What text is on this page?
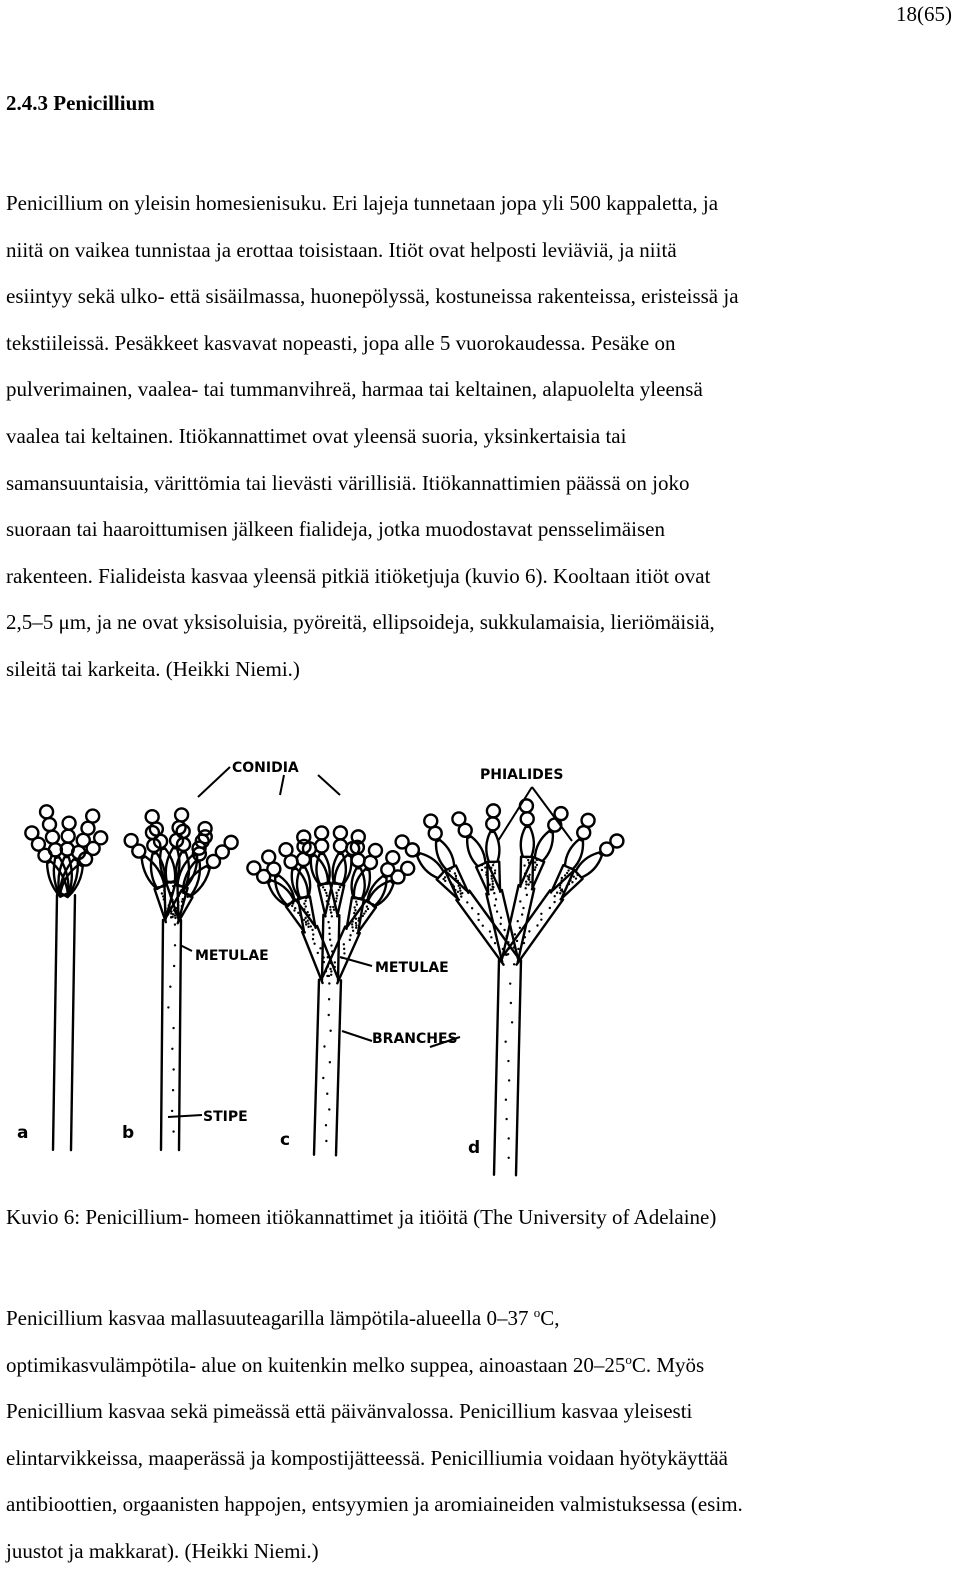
18(65)
2.4.3 Penicillium

Penicillium on yleisin homesienisuku. Eri lajeja tunnetaan jopa yli 500 kappaletta, ja
niitä on vaikea tunnistaa ja erottaa toisistaan. Itiöt ovat helposti leviäviä, ja niitä
esiintyy sekä ulko- että sisäilmassa, huonepölyssä, kostuneissa rakenteissa, eristeissä ja
tekstiileissä. Pesäkkeet kasvavat nopeasti, jopa alle 5 vuorokaudessa. Pesäke on
pulverimainen, vaalea- tai tummanvihreä, harmaa tai keltainen, alapuolelta yleensä
vaalea tai keltainen. Itiökannattimet ovat yleensä suoria, yksinkertaisia tai
samansuuntaisia, värittömia tai lievästi värillisiä. Itiökannattimien päässä on joko
suoraan tai haaroittumisen jälkeen fialideja, jotka muodostavat pensselimäisen
rakenteen. Fialideista kasvaa yleensä pitkiä itiöketjuja (kuvio 6). Kooltaan itiöt ovat
2,5–5 μm, ja ne ovat yksisoluisia, pyöreitä, ellipsoideja, sukkulamaisia, lieriömäisiä,
sileitä tai karkeita. (Heikki Niemi.)

CONIDIA	PHIALIDES
METULAE
METULAE
BRANCHES
STIPE
a	b	c	d

Kuvio 6: Penicillium- homeen itiökannattimet ja itiöitä (The University of Adelaine)

Penicillium kasvaa mallasuuteagarilla lämpötila-alueella 0–37 $^o$C,
optimikasvulämpötila- alue on kuitenkin melko suppea, ainoastaan 20–25$^o$C. Myös
Penicillium kasvaa sekä pimeässä että päivänvalossa. Penicillium kasvaa yleisesti
elintarvikkeissa, maaperässä ja kompostijätteessä. Penicilliumia voidaan hyötykäyttää
antibioottien, orgaanisten happojen, entsyymien ja aromiaineiden valmistuksessa (esim.
juustot ja makkarat). (Heikki Niemi.)
